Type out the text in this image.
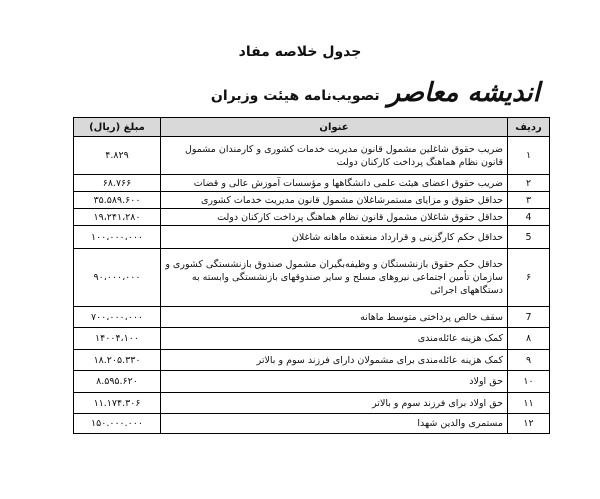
جدول خلاصه مفاد
اندیشه معاصر
تصویب‌نامه هیئت وزیران
ردیف	عنوان	مبلغ (ریال)
۱	ضریب حقوق شاغلین مشمول قانون مدیریت خدمات کشوری و کارمندان مشمول قانون نظام هماهنگ پرداخت کارکنان دولت	۴.۸۲۹
۲	ضریب حقوق اعضای هیئت علمی دانشگاهها و مؤسسات آموزش عالی و قضات	۶۸.۷۶۶
۳	حداقل حقوق و مزایای مستمرشاغلان مشمول قانون مدیریت خدمات کشوری	۳۵.۵۸۹.۶۰۰
4	حداقل حقوق شاغلان مشمول قانون نظام هماهنگ پرداخت کارکنان دولت	۱۹،۲۴۱،۲۸۰
5	حداقل حکم کارگزینی و قرارداد منعقده ماهانه شاغلان	۱۰۰،۰۰۰،۰۰۰
۶	حداقل حکم حقوق بازنشستگان و وظیفه‌بگیران مشمول صندوق بازنشستگی کشوری و سازمان تأمین اجتماعی نیروهای مسلح و سایر صندوقهای بازنشستگی وابسته به دستگاههای اجرائی	۹۰،۰۰۰،۰۰۰
7	سقف خالص پرداختی متوسط ماهانه	۷۰۰،۰۰۰،۰۰۰
۸	کمک هزینه عائله‌مندی	۱۴۰۰۴،۱۰۰
۹	کمک هزینه عائله‌مندی برای مشمولان دارای فرزند سوم و بالاتر	۱۸.۲۰۵.۳۳۰
۱۰	حق اولاد	۸.۵۹۵.۶۲۰
۱۱	حق اولاد برای فرزند سوم و بالاتر	۱۱.۱۷۴.۳۰۶
۱۲	مستمری والدین شهدا	۱۵۰.۰۰۰.۰۰۰
